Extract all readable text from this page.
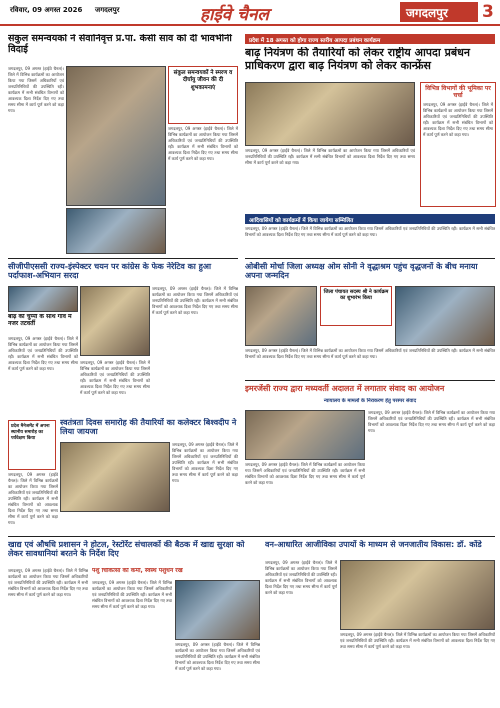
रविवार, 09 अगस्त 2026 जगदलपुर	हाईवे चैनल	जगदलपुर	3
संकुल समन्वयकों ने सेवानिवृत्त प्र.पा. केसी साव को दी भावभीनी विदाई
जगदलपुर, 09 अगस्त (हाईवे चैनल)। जिले में विभिन्न कार्यक्रमों का आयोजन किया गया जिसमें अधिकारियों एवं जनप्रतिनिधियों की उपस्थिति रही। कार्यक्रम में सभी संबंधित विभागों को आवश्यक दिशा निर्देश दिए गए तथा समय सीमा में कार्य पूर्ण करने को कहा गया।
संकुल समन्वयकों ने स्मरण व दीर्घायु जीवन की दी शुभकामनाएं
जगदलपुर, 09 अगस्त (हाईवे चैनल)। जिले में विभिन्न कार्यक्रमों का आयोजन किया गया जिसमें अधिकारियों एवं जनप्रतिनिधियों की उपस्थिति रही। कार्यक्रम में सभी संबंधित विभागों को आवश्यक दिशा निर्देश दिए गए तथा समय सीमा में कार्य पूर्ण करने को कहा गया।
प्रदेश में 18 अगस्त को होगा राज्य स्तरीय आपदा प्रबंधन कार्यक्रम
बाढ़ नियंत्रण की तैयारियों को लेकर राष्ट्रीय आपदा प्रबंधन प्राधिकरण द्वारा बाढ़ नियंत्रण को लेकर कान्फ्रेंस
जगदलपुर, 09 अगस्त (हाईवे चैनल)। जिले में विभिन्न कार्यक्रमों का आयोजन किया गया जिसमें अधिकारियों एवं जनप्रतिनिधियों की उपस्थिति रही। कार्यक्रम में सभी संबंधित विभागों को आवश्यक दिशा निर्देश दिए गए तथा समय सीमा में कार्य पूर्ण करने को कहा गया।
विभिन्न विभागों की भूमिका पर चर्चा
जगदलपुर, 09 अगस्त (हाईवे चैनल)। जिले में विभिन्न कार्यक्रमों का आयोजन किया गया जिसमें अधिकारियों एवं जनप्रतिनिधियों की उपस्थिति रही। कार्यक्रम में सभी संबंधित विभागों को आवश्यक दिशा निर्देश दिए गए तथा समय सीमा में कार्य पूर्ण करने को कहा गया।
आदिवासियों को कार्यक्रमों में किया जायेगा सम्मिलित
जगदलपुर, 09 अगस्त (हाईवे चैनल)। जिले में विभिन्न कार्यक्रमों का आयोजन किया गया जिसमें अधिकारियों एवं जनप्रतिनिधियों की उपस्थिति रही। कार्यक्रम में सभी संबंधित विभागों को आवश्यक दिशा निर्देश दिए गए तथा समय सीमा में कार्य पूर्ण करने को कहा गया।
सीजीपीएससी राज्य-इंस्पेक्टर चयन पर कांग्रेस के फेक नेरेटिव का हुआ पर्दाफाश-अभियान सरदा
बाढ़ की चुप्पी के साथ गांव में नजर तटवर्ती
जगदलपुर, 09 अगस्त (हाईवे चैनल)। जिले में विभिन्न कार्यक्रमों का आयोजन किया गया जिसमें अधिकारियों एवं जनप्रतिनिधियों की उपस्थिति रही। कार्यक्रम में सभी संबंधित विभागों को आवश्यक दिशा निर्देश दिए गए तथा समय सीमा में कार्य पूर्ण करने को कहा गया।
जगदलपुर, 09 अगस्त (हाईवे चैनल)। जिले में विभिन्न कार्यक्रमों का आयोजन किया गया जिसमें अधिकारियों एवं जनप्रतिनिधियों की उपस्थिति रही। कार्यक्रम में सभी संबंधित विभागों को आवश्यक दिशा निर्देश दिए गए तथा समय सीमा में कार्य पूर्ण करने को कहा गया।
जगदलपुर, 09 अगस्त (हाईवे चैनल)। जिले में विभिन्न कार्यक्रमों का आयोजन किया गया जिसमें अधिकारियों एवं जनप्रतिनिधियों की उपस्थिति रही। कार्यक्रम में सभी संबंधित विभागों को आवश्यक दिशा निर्देश दिए गए तथा समय सीमा में कार्य पूर्ण करने को कहा गया।
ओबीसी मोर्चा जिला अध्यक्ष ओम सोनी ने वृद्धाश्रम पहुंच वृद्धजनों के बीच मनाया अपना जन्मदिन
जिला पंचायत सदस्य श्री ने कार्यक्रम का शुभारंभ किया
जगदलपुर, 09 अगस्त (हाईवे चैनल)। जिले में विभिन्न कार्यक्रमों का आयोजन किया गया जिसमें अधिकारियों एवं जनप्रतिनिधियों की उपस्थिति रही। कार्यक्रम में सभी संबंधित विभागों को आवश्यक दिशा निर्देश दिए गए तथा समय सीमा में कार्य पूर्ण करने को कहा गया।
स्वतंत्रता दिवस समारोह की तैयारियों का कलेक्टर बिश्वदीप ने लिया जायजा
प्रदेश मैनेजमेंट में अपना स्थानीय समारोह का पर्यवेक्षण किया
जगदलपुर, 09 अगस्त (हाईवे चैनल)। जिले में विभिन्न कार्यक्रमों का आयोजन किया गया जिसमें अधिकारियों एवं जनप्रतिनिधियों की उपस्थिति रही। कार्यक्रम में सभी संबंधित विभागों को आवश्यक दिशा निर्देश दिए गए तथा समय सीमा में कार्य पूर्ण करने को कहा गया।
जगदलपुर, 09 अगस्त (हाईवे चैनल)। जिले में विभिन्न कार्यक्रमों का आयोजन किया गया जिसमें अधिकारियों एवं जनप्रतिनिधियों की उपस्थिति रही। कार्यक्रम में सभी संबंधित विभागों को आवश्यक दिशा निर्देश दिए गए तथा समय सीमा में कार्य पूर्ण करने को कहा गया।
इमरजेंसी राज्य द्वारा मध्यवर्ती अदालत में लगातार संवाद का आयोजन
न्यायालय के मामलों के निराकरण हेतु परस्पर संवाद
जगदलपुर, 09 अगस्त (हाईवे चैनल)। जिले में विभिन्न कार्यक्रमों का आयोजन किया गया जिसमें अधिकारियों एवं जनप्रतिनिधियों की उपस्थिति रही। कार्यक्रम में सभी संबंधित विभागों को आवश्यक दिशा निर्देश दिए गए तथा समय सीमा में कार्य पूर्ण करने को कहा गया।
जगदलपुर, 09 अगस्त (हाईवे चैनल)। जिले में विभिन्न कार्यक्रमों का आयोजन किया गया जिसमें अधिकारियों एवं जनप्रतिनिधियों की उपस्थिति रही। कार्यक्रम में सभी संबंधित विभागों को आवश्यक दिशा निर्देश दिए गए तथा समय सीमा में कार्य पूर्ण करने को कहा गया।
खाद्य एवं औषधि प्रशासन ने होटल, रेस्टोरेंट संचालकों की बैठक में खाद्य सुरक्षा को लेकर सावधानियां बरतने के निर्देश दिए
जगदलपुर, 09 अगस्त (हाईवे चैनल)। जिले में विभिन्न कार्यक्रमों का आयोजन किया गया जिसमें अधिकारियों एवं जनप्रतिनिधियों की उपस्थिति रही। कार्यक्रम में सभी संबंधित विभागों को आवश्यक दिशा निर्देश दिए गए तथा समय सीमा में कार्य पूर्ण करने को कहा गया।
पशु चिकित्सा की कमी, स्वस्थ पशुधन रखें
जगदलपुर, 09 अगस्त (हाईवे चैनल)। जिले में विभिन्न कार्यक्रमों का आयोजन किया गया जिसमें अधिकारियों एवं जनप्रतिनिधियों की उपस्थिति रही। कार्यक्रम में सभी संबंधित विभागों को आवश्यक दिशा निर्देश दिए गए तथा समय सीमा में कार्य पूर्ण करने को कहा गया।
जगदलपुर, 09 अगस्त (हाईवे चैनल)। जिले में विभिन्न कार्यक्रमों का आयोजन किया गया जिसमें अधिकारियों एवं जनप्रतिनिधियों की उपस्थिति रही। कार्यक्रम में सभी संबंधित विभागों को आवश्यक दिशा निर्देश दिए गए तथा समय सीमा में कार्य पूर्ण करने को कहा गया।
वन-आधारित आजीविका उपायों के माध्यम से जनजातीय विकास: डॉ. कोंडे
जगदलपुर, 09 अगस्त (हाईवे चैनल)। जिले में विभिन्न कार्यक्रमों का आयोजन किया गया जिसमें अधिकारियों एवं जनप्रतिनिधियों की उपस्थिति रही। कार्यक्रम में सभी संबंधित विभागों को आवश्यक दिशा निर्देश दिए गए तथा समय सीमा में कार्य पूर्ण करने को कहा गया।
जगदलपुर, 09 अगस्त (हाईवे चैनल)। जिले में विभिन्न कार्यक्रमों का आयोजन किया गया जिसमें अधिकारियों एवं जनप्रतिनिधियों की उपस्थिति रही। कार्यक्रम में सभी संबंधित विभागों को आवश्यक दिशा निर्देश दिए गए तथा समय सीमा में कार्य पूर्ण करने को कहा गया।
